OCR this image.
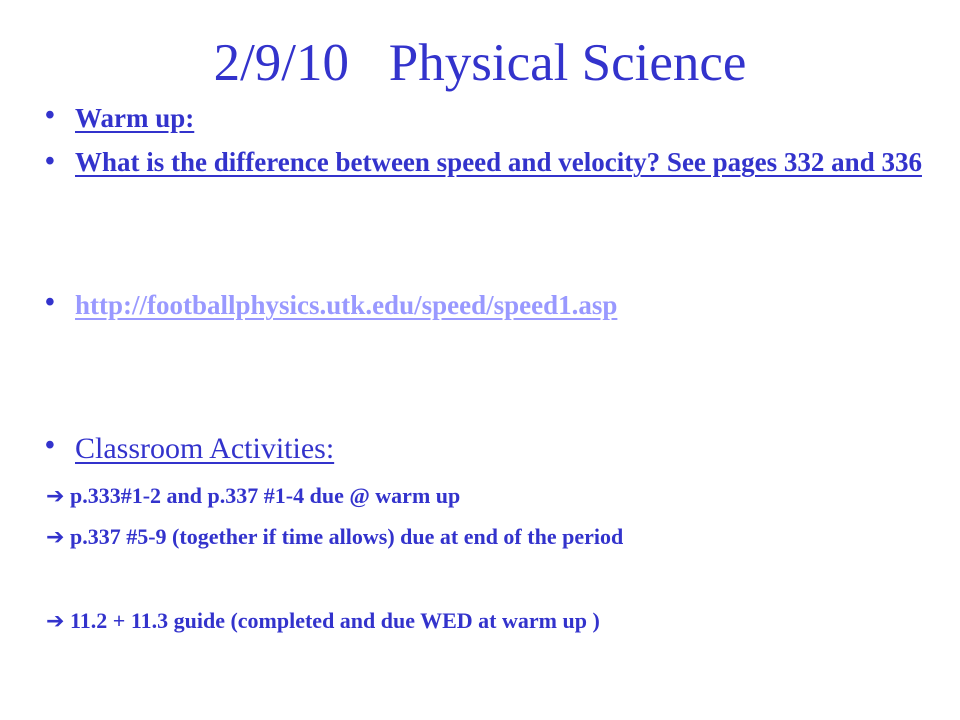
2/9/10   Physical Science
• Warm up:
• What is the difference between speed and velocity? See pages 332 and 336
• http://footballphysics.utk.edu/speed/speed1.asp
• Classroom Activities:
➔ p.333#1-2 and p.337 #1-4 due @ warm up
➔ p.337 #5-9 (together if time allows) due at end of the period
➔ 11.2 + 11.3 guide (completed and due WED at warm up )
